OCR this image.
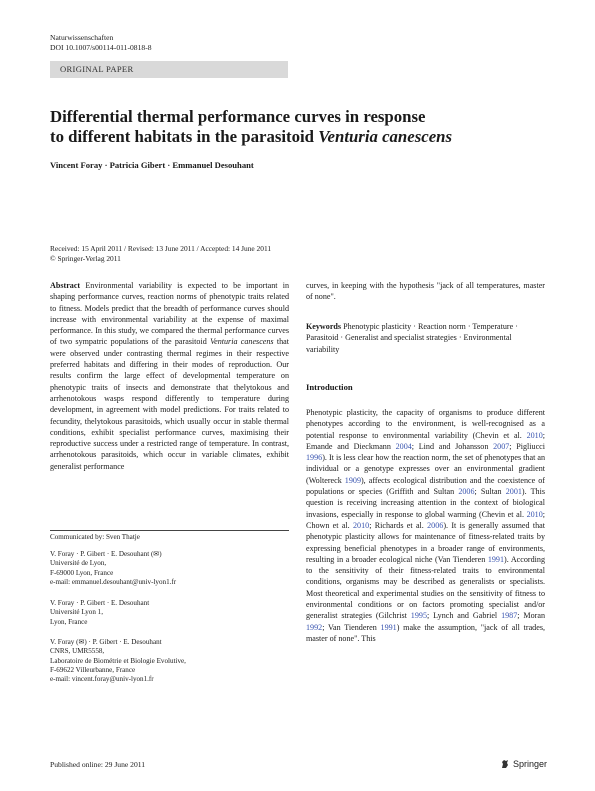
Naturwissenschaften
DOI 10.1007/s00114-011-0818-8
ORIGINAL PAPER
Differential thermal performance curves in response
to different habitats in the parasitoid Venturia canescens
Vincent Foray · Patricia Gibert · Emmanuel Desouhant
Received: 15 April 2011 / Revised: 13 June 2011 / Accepted: 14 June 2011
© Springer-Verlag 2011

Abstract Environmental variability is expected to be important in shaping performance curves, reaction norms of phenotypic traits related to fitness. Models predict that the breadth of performance curves should increase with environmental variability at the expense of maximal performance. In this study, we compared the thermal performance curves of two sympatric populations of the parasitoid Venturia canescens that were observed under contrasting thermal regimes in their respective preferred habitats and differing in their modes of reproduction. Our results confirm the large effect of developmental temperature on phenotypic traits of insects and demonstrate that thelytokous and arrhenotokous wasps respond differently to temperature during development, in agreement with model predictions. For traits related to fecundity, thelytokous parasitoids, which usually occur in stable thermal conditions, exhibit specialist performance curves, maximising their reproductive success under a restricted range of temperature. In contrast, arrhenotokous parasitoids, which occur in variable climates, exhibit generalist performance

curves, in keeping with the hypothesis "jack of all temperatures, master of none".
Keywords Phenotypic plasticity · Reaction norm · Temperature · Parasitoid · Generalist and specialist strategies · Environmental variability
Introduction
Phenotypic plasticity, the capacity of organisms to produce different phenotypes according to the environment, is well-recognised as a potential response to environmental variability (Chevin et al. 2010; Emande and Dieckmann 2004; Lind and Johansson 2007; Pigliucci 1996). It is less clear how the reaction norm, the set of phenotypes that an individual or a genotype expresses over an environmental gradient (Woltereck 1909), affects ecological distribution and the coexistence of populations or species (Griffith and Sultan 2006; Sultan 2001). This question is receiving increasing attention in the context of biological invasions, especially in response to global warming (Chevin et al. 2010; Chown et al. 2010; Richards et al. 2006). It is generally assumed that phenotypic plasticity allows for maintenance of fitness-related traits by expressing beneficial phenotypes in a broader range of environments, resulting in a broader ecological niche (Van Tienderen 1991). According to the sensitivity of their fitness-related traits to environmental conditions, organisms may be described as generalists or specialists. Most theoretical and experimental studies on the sensitivity of fitness to environmental conditions or on factors promoting specialist and/or generalist strategies (Gilchrist 1995; Lynch and Gabriel 1987; Moran 1992; Van Tienderen 1991) make the assumption, "jack of all trades, master of none". This
Communicated by: Sven Thatje
V. Foray · P. Gibert · E. Desouhant (✉)
Université de Lyon,
F-69000 Lyon, France
e-mail: emmanuel.desouhant@univ-lyon1.fr
V. Foray · P. Gibert · E. Desouhant
Université Lyon 1,
Lyon, France
V. Foray (✉) · P. Gibert · E. Desouhant
CNRS, UMR5558,
Laboratoire de Biométrie et Biologie Evolutive,
F-69622 Villeurbanne, France
e-mail: vincent.foray@univ-lyon1.fr
Published online: 29 June 2011	Springer
